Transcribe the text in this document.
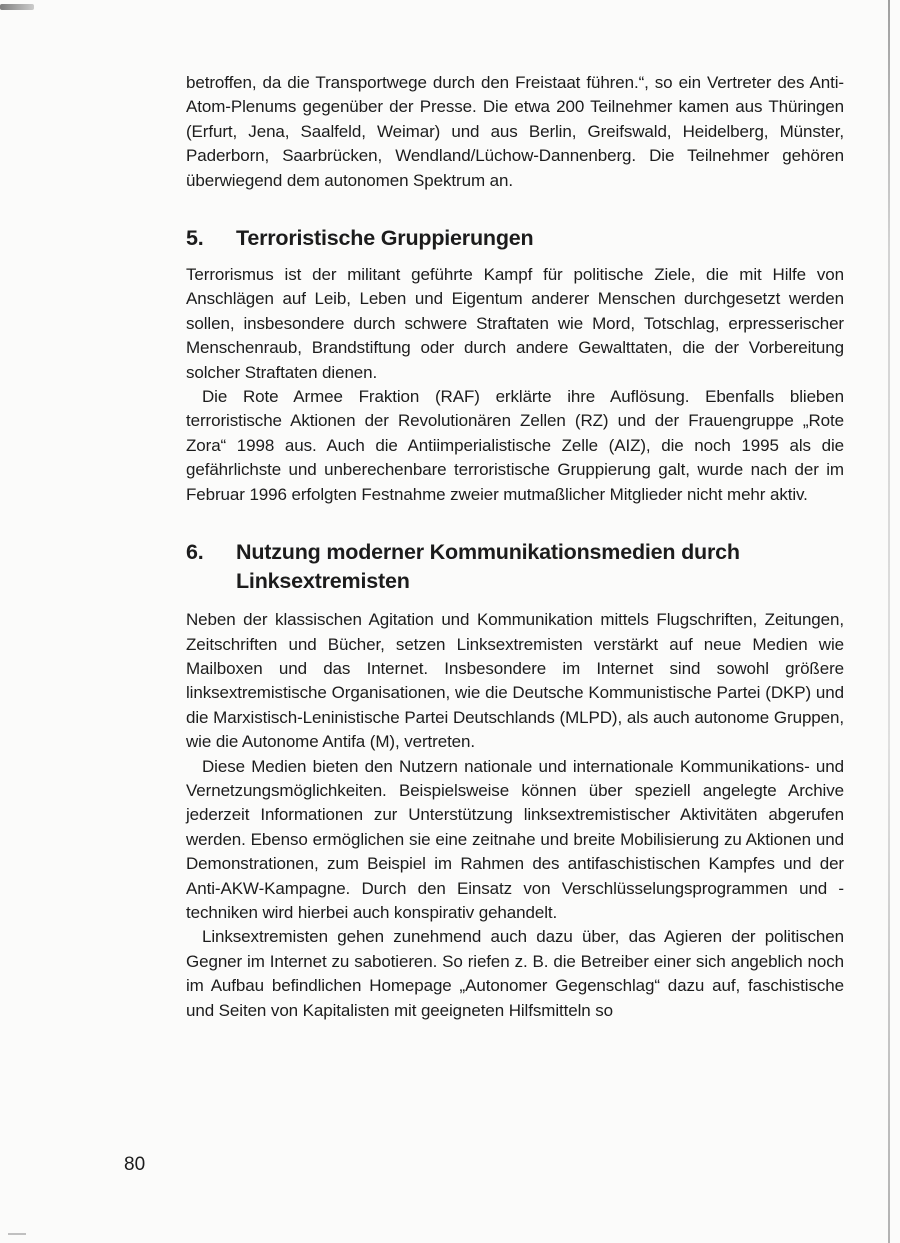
betroffen, da die Transportwege durch den Freistaat führen.“, so ein Vertreter des Anti-Atom-Plenums gegenüber der Presse. Die etwa 200 Teilnehmer kamen aus Thüringen (Erfurt, Jena, Saalfeld, Weimar) und aus Berlin, Greifswald, Heidelberg, Münster, Paderborn, Saarbrücken, Wendland/Lüchow-Dannenberg. Die Teilnehmer gehören überwiegend dem autonomen Spektrum an.

5.	Terroristische Gruppierungen

Terrorismus ist der militant geführte Kampf für politische Ziele, die mit Hilfe von Anschlägen auf Leib, Leben und Eigentum anderer Menschen durchgesetzt werden sollen, insbesondere durch schwere Straftaten wie Mord, Totschlag, erpresserischer Menschenraub, Brandstiftung oder durch andere Gewalttaten, die der Vorbereitung solcher Straftaten dienen.

Die Rote Armee Fraktion (RAF) erklärte ihre Auflösung. Ebenfalls blieben terroristische Aktionen der Revolutionären Zellen (RZ) und der Frauengruppe „Rote Zora“ 1998 aus. Auch die Antiimperialistische Zelle (AIZ), die noch 1995 als die gefährlichste und unberechenbare terroristische Gruppierung galt, wurde nach der im Februar 1996 erfolgten Festnahme zweier mutmaßlicher Mitglieder nicht mehr aktiv.

6.	Nutzung moderner Kommunikationsmedien durch Linksextremisten

Neben der klassischen Agitation und Kommunikation mittels Flugschriften, Zeitungen, Zeitschriften und Bücher, setzen Linksextremisten verstärkt auf neue Medien wie Mailboxen und das Internet. Insbesondere im Internet sind sowohl größere linksextremistische Organisationen, wie die Deutsche Kommunistische Partei (DKP) und die Marxistisch-Leninistische Partei Deutschlands (MLPD), als auch autonome Gruppen, wie die Autonome Antifa (M), vertreten.

Diese Medien bieten den Nutzern nationale und internationale Kommunikations- und Vernetzungsmöglichkeiten. Beispielsweise können über speziell angelegte Archive jederzeit Informationen zur Unterstützung linksextremistischer Aktivitäten abgerufen werden. Ebenso ermöglichen sie eine zeitnahe und breite Mobilisierung zu Aktionen und Demonstrationen, zum Beispiel im Rahmen des antifaschistischen Kampfes und der Anti-AKW-Kampagne. Durch den Einsatz von Verschlüsselungsprogrammen und -techniken wird hierbei auch konspirativ gehandelt.

Linksextremisten gehen zunehmend auch dazu über, das Agieren der politischen Gegner im Internet zu sabotieren. So riefen z. B. die Betreiber einer sich angeblich noch im Aufbau befindlichen Homepage „Autonomer Gegenschlag“ dazu auf, faschistische und Seiten von Kapitalisten mit geeigneten Hilfsmitteln so

80
